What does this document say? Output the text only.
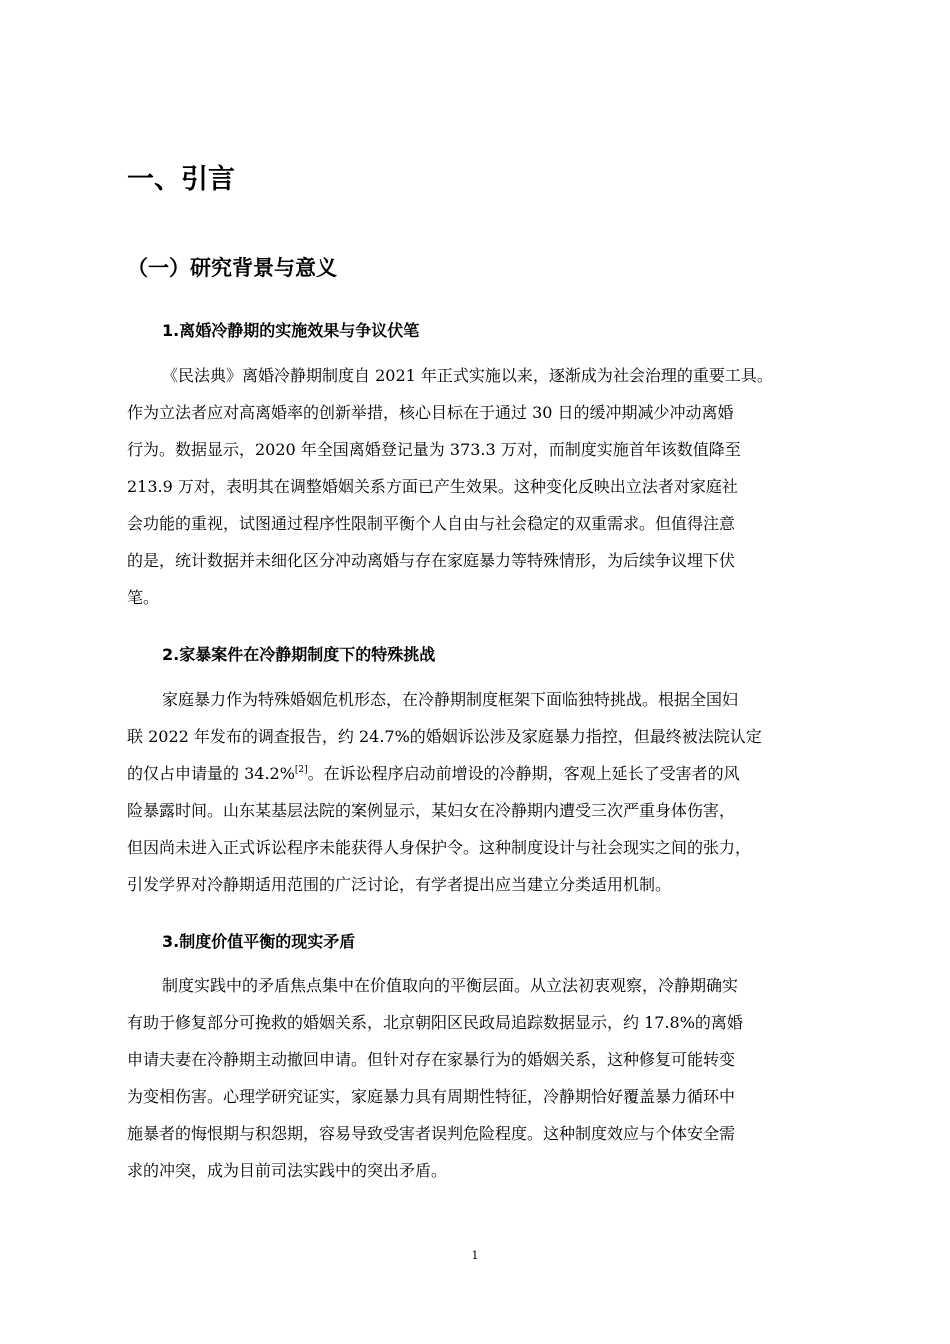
一、引言
（一）研究背景与意义
1.离婚冷静期的实施效果与争议伏笔
《民法典》离婚冷静期制度自 2021 年正式实施以来，逐渐成为社会治理的重要工具。
作为立法者应对高离婚率的创新举措，核心目标在于通过 30 日的缓冲期减少冲动离婚
行为。数据显示，2020 年全国离婚登记量为 373.3 万对，而制度实施首年该数值降至
213.9 万对，表明其在调整婚姻关系方面已产生效果。这种变化反映出立法者对家庭社
会功能的重视，试图通过程序性限制平衡个人自由与社会稳定的双重需求。但值得注意
的是，统计数据并未细化区分冲动离婚与存在家庭暴力等特殊情形，为后续争议埋下伏
笔。
2.家暴案件在冷静期制度下的特殊挑战
家庭暴力作为特殊婚姻危机形态，在冷静期制度框架下面临独特挑战。根据全国妇
联 2022 年发布的调查报告，约 24.7%的婚姻诉讼涉及家庭暴力指控，但最终被法院认定
的仅占申请量的 34.2%[2]。在诉讼程序启动前增设的冷静期，客观上延长了受害者的风
险暴露时间。山东某基层法院的案例显示，某妇女在冷静期内遭受三次严重身体伤害，
但因尚未进入正式诉讼程序未能获得人身保护令。这种制度设计与社会现实之间的张力，
引发学界对冷静期适用范围的广泛讨论，有学者提出应当建立分类适用机制。
3.制度价值平衡的现实矛盾
制度实践中的矛盾焦点集中在价值取向的平衡层面。从立法初衷观察，冷静期确实
有助于修复部分可挽救的婚姻关系，北京朝阳区民政局追踪数据显示，约 17.8%的离婚
申请夫妻在冷静期主动撤回申请。但针对存在家暴行为的婚姻关系，这种修复可能转变
为变相伤害。心理学研究证实，家庭暴力具有周期性特征，冷静期恰好覆盖暴力循环中
施暴者的悔恨期与积怨期，容易导致受害者误判危险程度。这种制度效应与个体安全需
求的冲突，成为目前司法实践中的突出矛盾。
1
